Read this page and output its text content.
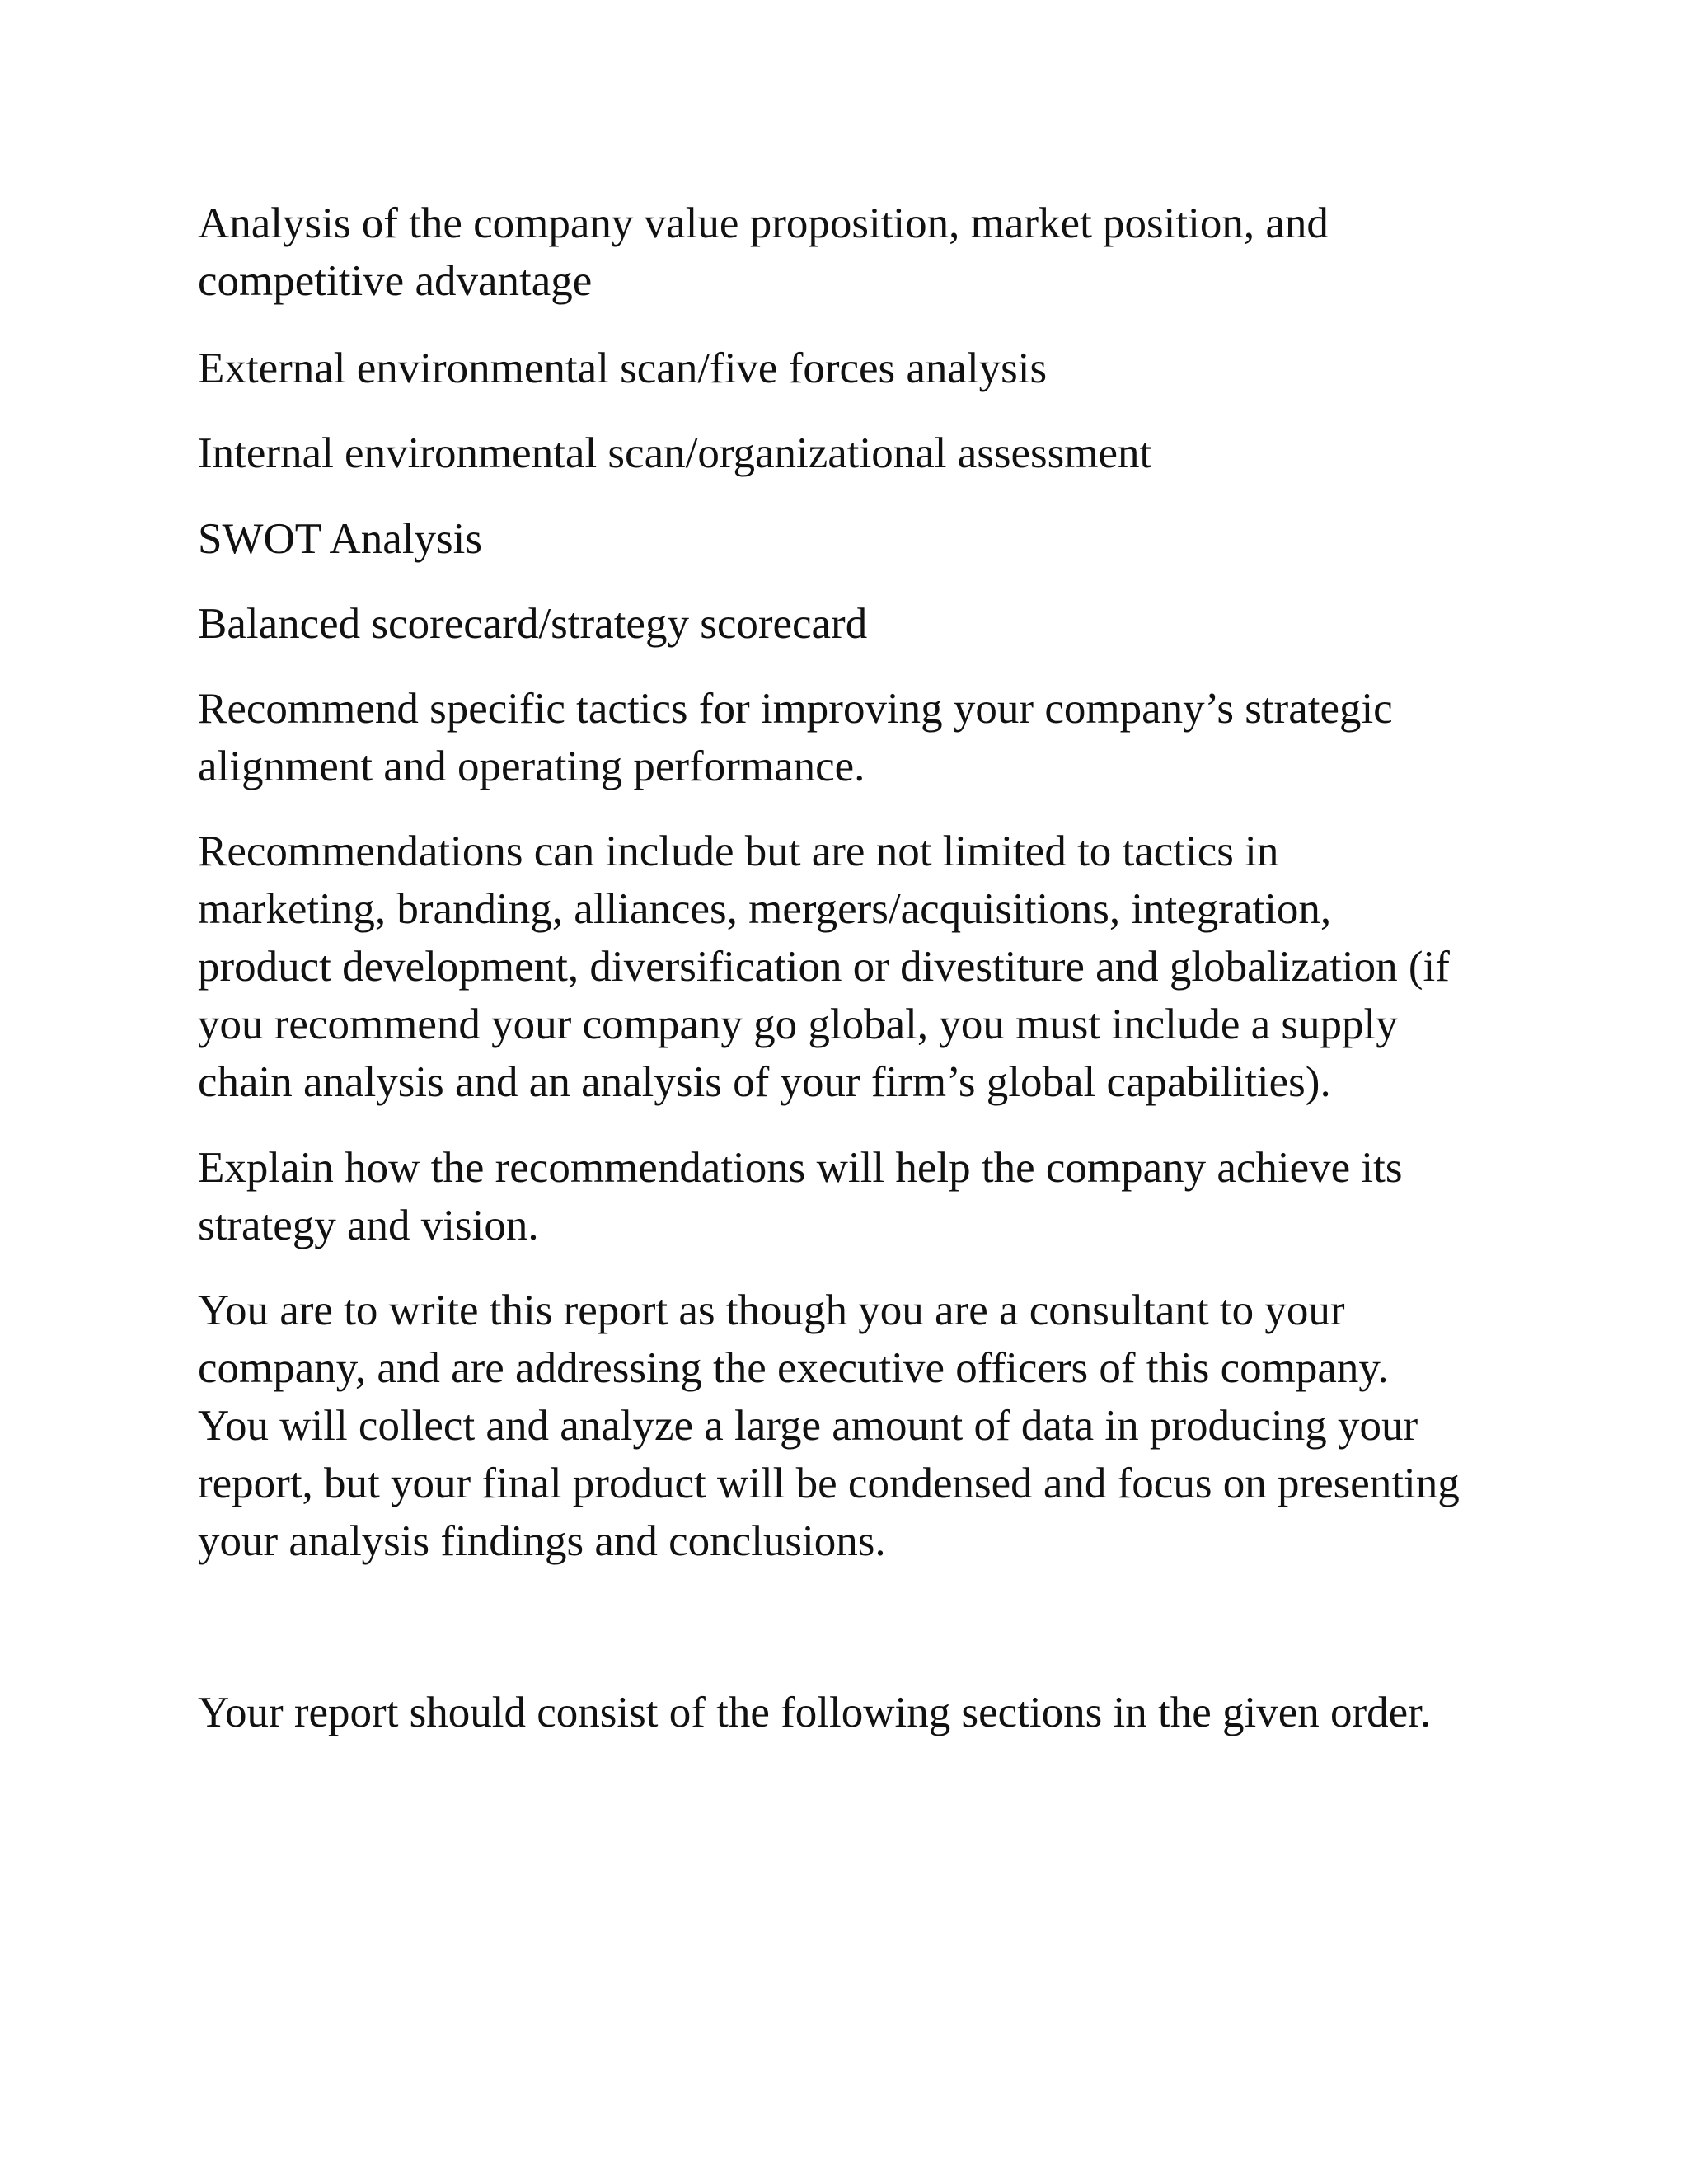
Analysis of the company value proposition, market position, and
competitive advantage

External environmental scan/five forces analysis

Internal environmental scan/organizational assessment

SWOT Analysis

Balanced scorecard/strategy scorecard

Recommend specific tactics for improving your company’s strategic
alignment and operating performance.

Recommendations can include but are not limited to tactics in
marketing, branding, alliances, mergers/acquisitions, integration,
product development, diversification or divestiture and globalization (if
you recommend your company go global, you must include a supply
chain analysis and an analysis of your firm’s global capabilities).

Explain how the recommendations will help the company achieve its
strategy and vision.

You are to write this report as though you are a consultant to your
company, and are addressing the executive officers of this company.
You will collect and analyze a large amount of data in producing your
report, but your final product will be condensed and focus on presenting
your analysis findings and conclusions.

Your report should consist of the following sections in the given order.
